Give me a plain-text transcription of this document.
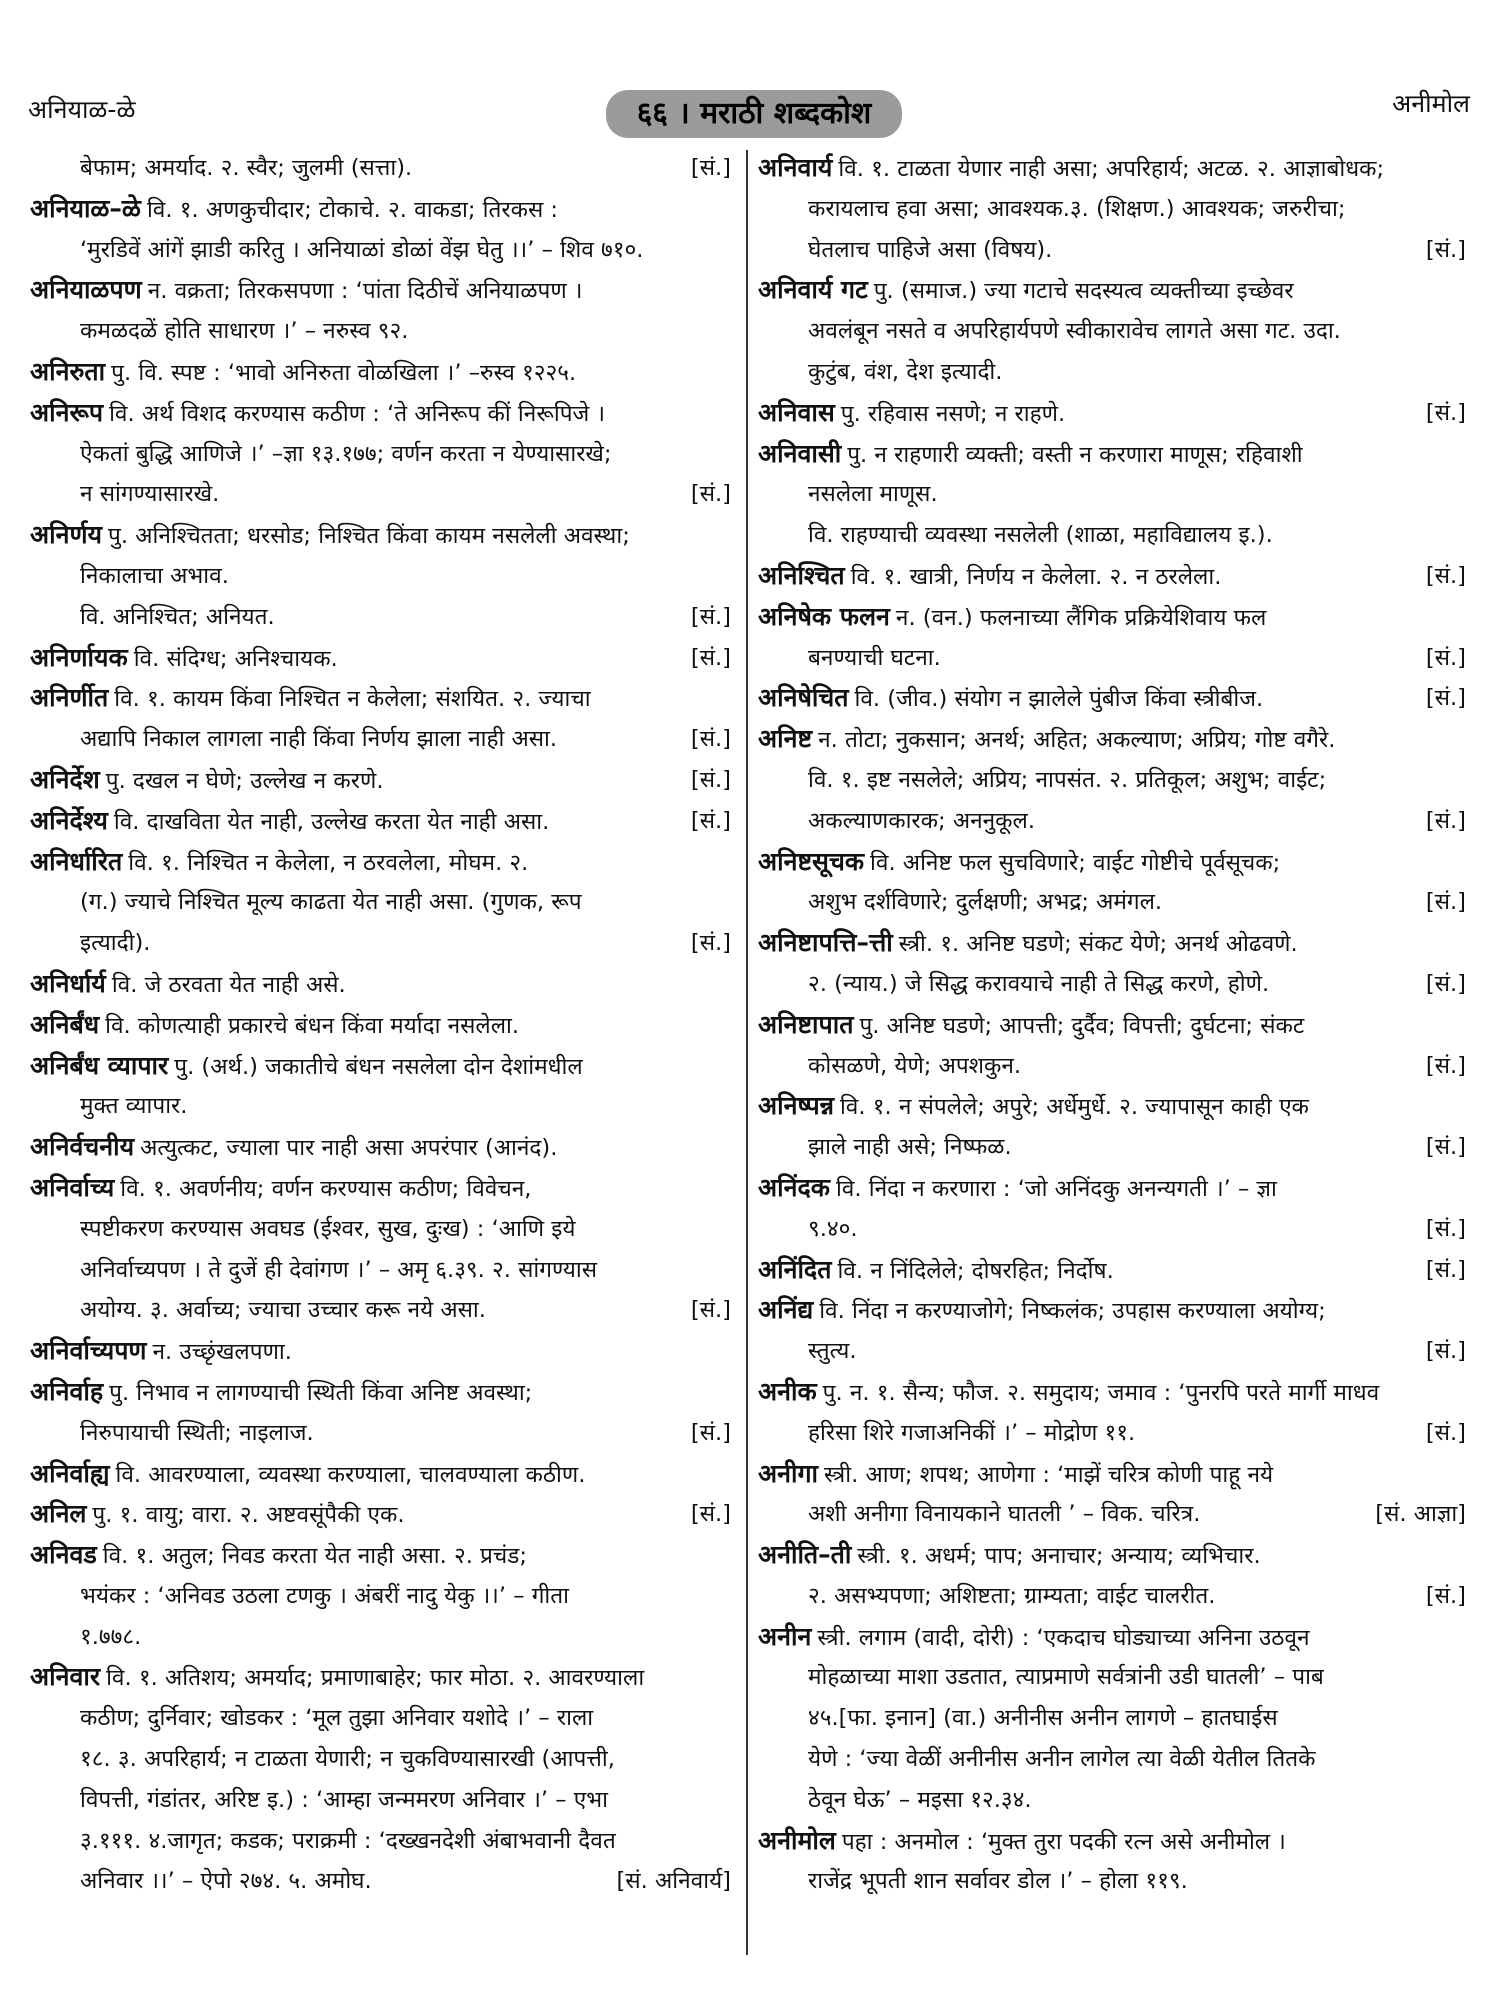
अनियाळ-ळे	६६ । मराठी शब्दकोश	अनीमोल
बेफाम; अमर्याद. २. स्वैर; जुलमी (सत्ता).	[सं.]
अनियाळ–ळे वि. १. अणकुचीदार; टोकाचे. २. वाकडा; तिरकस :
‘मुरडिवें आंगें झाडी करितु । अनियाळां डोळां वेंझ घेतु ।।’ – शिव ७१०.
अनियाळपण न. वक्रता; तिरकसपणा : ‘पांता दिठीचें अनियाळपण ।
कमळदळें होति साधारण ।’ – नरुस्व ९२.
अनिरुता पु. वि. स्पष्ट : ‘भावो अनिरुता वोळखिला ।’ –रुस्व १२२५.
अनिरूप वि. अर्थ विशद करण्यास कठीण : ‘ते अनिरूप कीं निरूपिजे ।
ऐकतां बुद्धि आणिजे ।’ –ज्ञा १३.१७७; वर्णन करता न येण्यासारखे;
न सांगण्यासारखे.	[सं.]
अनिर्णय पु. अनिश्चितता; धरसोड; निश्चित किंवा कायम नसलेली अवस्था;
निकालाचा अभाव.
वि. अनिश्चित; अनियत.	[सं.]
अनिर्णायक वि. संदिग्ध; अनिश्चायक.	[सं.]
अनिर्णीत वि. १. कायम किंवा निश्चित न केलेला; संशयित. २. ज्याचा
अद्यापि निकाल लागला नाही किंवा निर्णय झाला नाही असा.	[सं.]
अनिर्देश पु. दखल न घेणे; उल्लेख न करणे.	[सं.]
अनिर्देश्य वि. दाखविता येत नाही, उल्लेख करता येत नाही असा.	[सं.]
अनिर्धारित वि. १. निश्चित न केलेला, न ठरवलेला, मोघम. २.
(ग.) ज्याचे निश्चित मूल्य काढता येत नाही असा. (गुणक, रूप
इत्यादी).	[सं.]
अनिर्धार्य वि. जे ठरवता येत नाही असे.
अनिर्बंध वि. कोणत्याही प्रकारचे बंधन किंवा मर्यादा नसलेला.
अनिर्बंध व्यापार पु. (अर्थ.) जकातीचे बंधन नसलेला दोन देशांमधील
मुक्त व्यापार.
अनिर्वचनीय अत्युत्कट, ज्याला पार नाही असा अपरंपार (आनंद).
अनिर्वाच्य वि. १. अवर्णनीय; वर्णन करण्यास कठीण; विवेचन,
स्पष्टीकरण करण्यास अवघड (ईश्वर, सुख, दुःख) : ‘आणि इये
अनिर्वाच्यपण । ते दुजें ही देवांगण ।’ – अमृ ६.३९. २. सांगण्यास
अयोग्य. ३. अर्वाच्य; ज्याचा उच्चार करू नये असा.	[सं.]
अनिर्वाच्यपण न. उच्छृंखलपणा.
अनिर्वाह पु. निभाव न लागण्याची स्थिती किंवा अनिष्ट अवस्था;
निरुपायाची स्थिती; नाइलाज.	[सं.]
अनिर्वाह्य वि. आवरण्याला, व्यवस्था करण्याला, चालवण्याला कठीण.
अनिल पु. १. वायु; वारा. २. अष्टवसूंपैकी एक.	[सं.]
अनिवड वि. १. अतुल; निवड करता येत नाही असा. २. प्रचंड;
भयंकर : ‘अनिवड उठला टणकु । अंबरीं नादु येकु ।।’ – गीता
१.७७८.
अनिवार वि. १. अतिशय; अमर्याद; प्रमाणाबाहेर; फार मोठा. २. आवरण्याला
कठीण; दुर्निवार; खोडकर : ‘मूल तुझा अनिवार यशोदे ।’ – राला
१८. ३. अपरिहार्य; न टाळता येणारी; न चुकविण्यासारखी (आपत्ती,
विपत्ती, गंडांतर, अरिष्ट इ.) : ‘आम्हा जन्ममरण अनिवार ।’ – एभा
३.१११. ४.जागृत; कडक; पराक्रमी : ‘दख्खनदेशी अंबाभवानी दैवत
अनिवार ।।’ – ऐपो २७४. ५. अमोघ.	[सं. अनिवार्य]
अनिवार्य वि. १. टाळता येणार नाही असा; अपरिहार्य; अटळ. २. आज्ञाबोधक;
करायलाच हवा असा; आवश्यक.३. (शिक्षण.) आवश्यक; जरुरीचा;
घेतलाच पाहिजे असा (विषय).	[सं.]
अनिवार्य गट पु. (समाज.) ज्या गटाचे सदस्यत्व व्यक्तीच्या इच्छेवर
अवलंबून नसते व अपरिहार्यपणे स्वीकारावेच लागते असा गट. उदा.
कुटुंब, वंश, देश इत्यादी.
अनिवास पु. रहिवास नसणे; न राहणे.	[सं.]
अनिवासी पु. न राहणारी व्यक्ती; वस्ती न करणारा माणूस; रहिवाशी
नसलेला माणूस.
वि. राहण्याची व्यवस्था नसलेली (शाळा, महाविद्यालय इ.).
अनिश्चित वि. १. खात्री, निर्णय न केलेला. २. न ठरलेला.	[सं.]
अनिषेक फलन न. (वन.) फलनाच्या लैंगिक प्रक्रियेशिवाय फल
बनण्याची घटना.	[सं.]
अनिषेचित वि. (जीव.) संयोग न झालेले पुंबीज किंवा स्त्रीबीज.	[सं.]
अनिष्ट न. तोटा; नुकसान; अनर्थ; अहित; अकल्याण; अप्रिय; गोष्ट वगैरे.
वि. १. इष्ट नसलेले; अप्रिय; नापसंत. २. प्रतिकूल; अशुभ; वाईट;
अकल्याणकारक; अननुकूल.	[सं.]
अनिष्टसूचक वि. अनिष्ट फल सुचविणारे; वाईट गोष्टीचे पूर्वसूचक;
अशुभ दर्शविणारे; दुर्लक्षणी; अभद्र; अमंगल.	[सं.]
अनिष्टापत्ति–त्ती स्त्री. १. अनिष्ट घडणे; संकट येणे; अनर्थ ओढवणे.
२. (न्याय.) जे सिद्ध करावयाचे नाही ते सिद्ध करणे, होणे.	[सं.]
अनिष्टापात पु. अनिष्ट घडणे; आपत्ती; दुर्दैव; विपत्ती; दुर्घटना; संकट
कोसळणे, येणे; अपशकुन.	[सं.]
अनिष्पन्न वि. १. न संपलेले; अपुरे; अर्धेमुर्धे. २. ज्यापासून काही एक
झाले नाही असे; निष्फळ.	[सं.]
अनिंदक वि. निंदा न करणारा : ‘जो अनिंदकु अनन्यगती ।’ – ज्ञा
९.४०.	[सं.]
अनिंदित वि. न निंदिलेले; दोषरहित; निर्दोष.	[सं.]
अनिंद्य वि. निंदा न करण्याजोगे; निष्कलंक; उपहास करण्याला अयोग्य;
स्तुत्य.	[सं.]
अनीक पु. न. १. सैन्य; फौज. २. समुदाय; जमाव : ‘पुनरपि परते मार्गी माधव
हरिसा शिरे गजाअनिकीं ।’ – मोद्रोण ११.	[सं.]
अनीगा स्त्री. आण; शपथ; आणेगा : ‘माझें चरित्र कोणी पाहू नये
अशी अनीगा विनायकाने घातली ’ – विक. चरित्र.	[सं. आज्ञा]
अनीति–ती स्त्री. १. अधर्म; पाप; अनाचार; अन्याय; व्यभिचार.
२. असभ्यपणा; अशिष्टता; ग्राम्यता; वाईट चालरीत.	[सं.]
अनीन स्त्री. लगाम (वादी, दोरी) : ‘एकदाच घोड्याच्या अनिना उठवून
मोहळाच्या माशा उडतात, त्याप्रमाणे सर्वत्रांनी उडी घातली’ – पाब
४५.[फा. इनान] (वा.) अनीनीस अनीन लागणे – हातघाईस
येणे : ‘ज्या वेळीं अनीनीस अनीन लागेल त्या वेळी येतील तितके
ठेवून घेऊ’ – मइसा १२.३४.
अनीमोल पहा : अनमोल : ‘मुक्त तुरा पदकी रत्न असे अनीमोल ।
राजेंद्र भूपती शान सर्वावर डोल ।’ – होला ११९.
